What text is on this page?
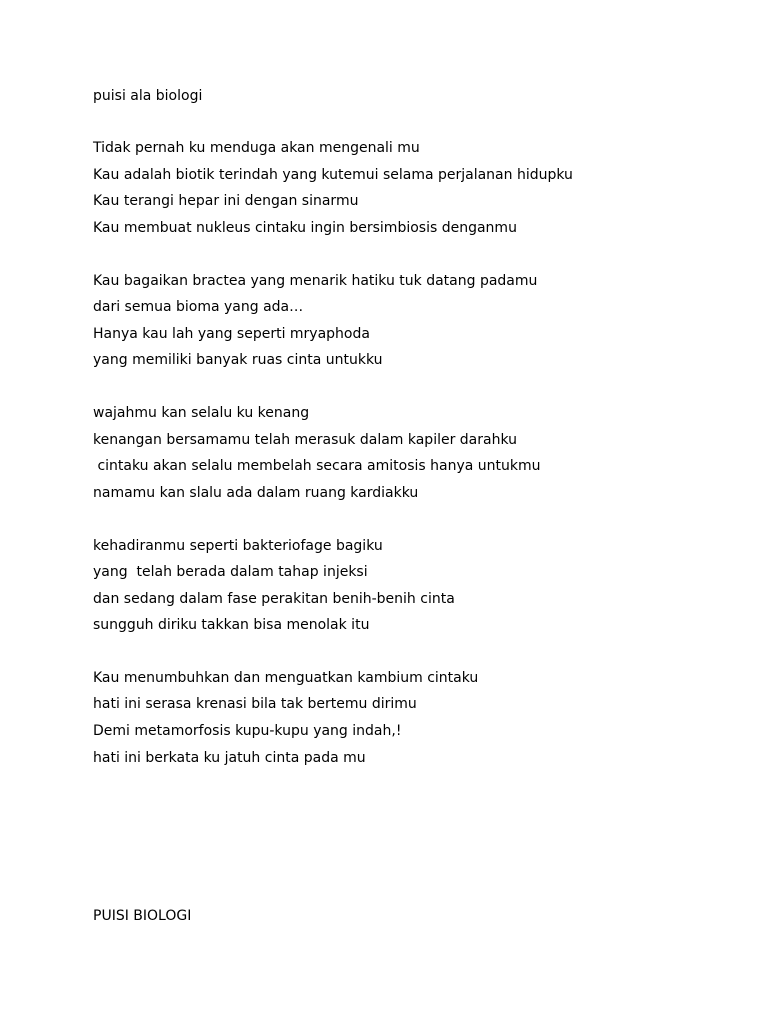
puisi ala biologi

Tidak pernah ku menduga akan mengenali mu

Kau adalah biotik terindah yang kutemui selama perjalanan hidupku

Kau terangi hepar ini dengan sinarmu

Kau membuat nukleus cintaku ingin bersimbiosis denganmu

Kau bagaikan bractea yang menarik hatiku tuk datang padamu

dari semua bioma yang ada…

Hanya kau lah yang seperti mryaphoda

yang memiliki banyak ruas cinta untukku

wajahmu kan selalu ku kenang

kenangan bersamamu telah merasuk dalam kapiler darahku

cintaku akan selalu membelah secara amitosis hanya untukmu

namamu kan slalu ada dalam ruang kardiakku

kehadiranmu seperti bakteriofage bagiku

yang  telah berada dalam tahap injeksi

dan sedang dalam fase perakitan benih-benih cinta

sungguh diriku takkan bisa menolak itu

Kau menumbuhkan dan menguatkan kambium cintaku

hati ini serasa krenasi bila tak bertemu dirimu

Demi metamorfosis kupu-kupu yang indah,!

hati ini berkata ku jatuh cinta pada mu

PUISI BIOLOGI
